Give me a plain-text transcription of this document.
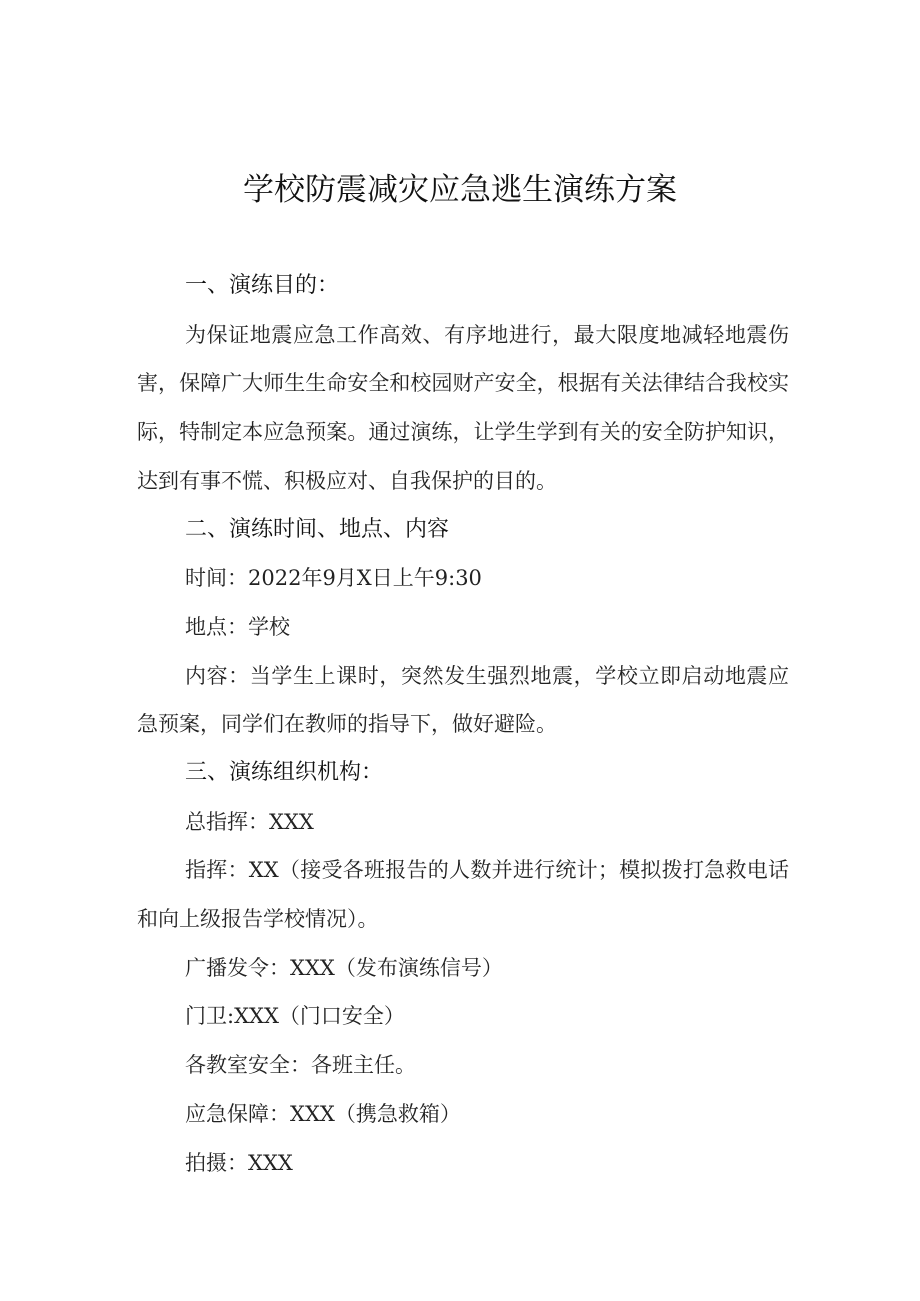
学校防震减灾应急逃生演练方案
一、演练目的：

为保证地震应急工作高效、有序地进行，最大限度地减轻地震伤害，保障广大师生生命安全和校园财产安全，根据有关法律结合我校实际，特制定本应急预案。通过演练，让学生学到有关的安全防护知识，达到有事不慌、积极应对、自我保护的目的。

二、演练时间、地点、内容
时间：2022年9月X日上午9:30
地点：学校

内容：当学生上课时，突然发生强烈地震，学校立即启动地震应急预案，同学们在教师的指导下，做好避险。

三、演练组织机构：
总指挥：XXX

指挥：XX（接受各班报告的人数并进行统计；模拟拨打急救电话和向上级报告学校情况）。

广播发令：XXX（发布演练信号）
门卫:XXX（门口安全）
各教室安全：各班主任。
应急保障：XXX（携急救箱）
拍摄：XXX
